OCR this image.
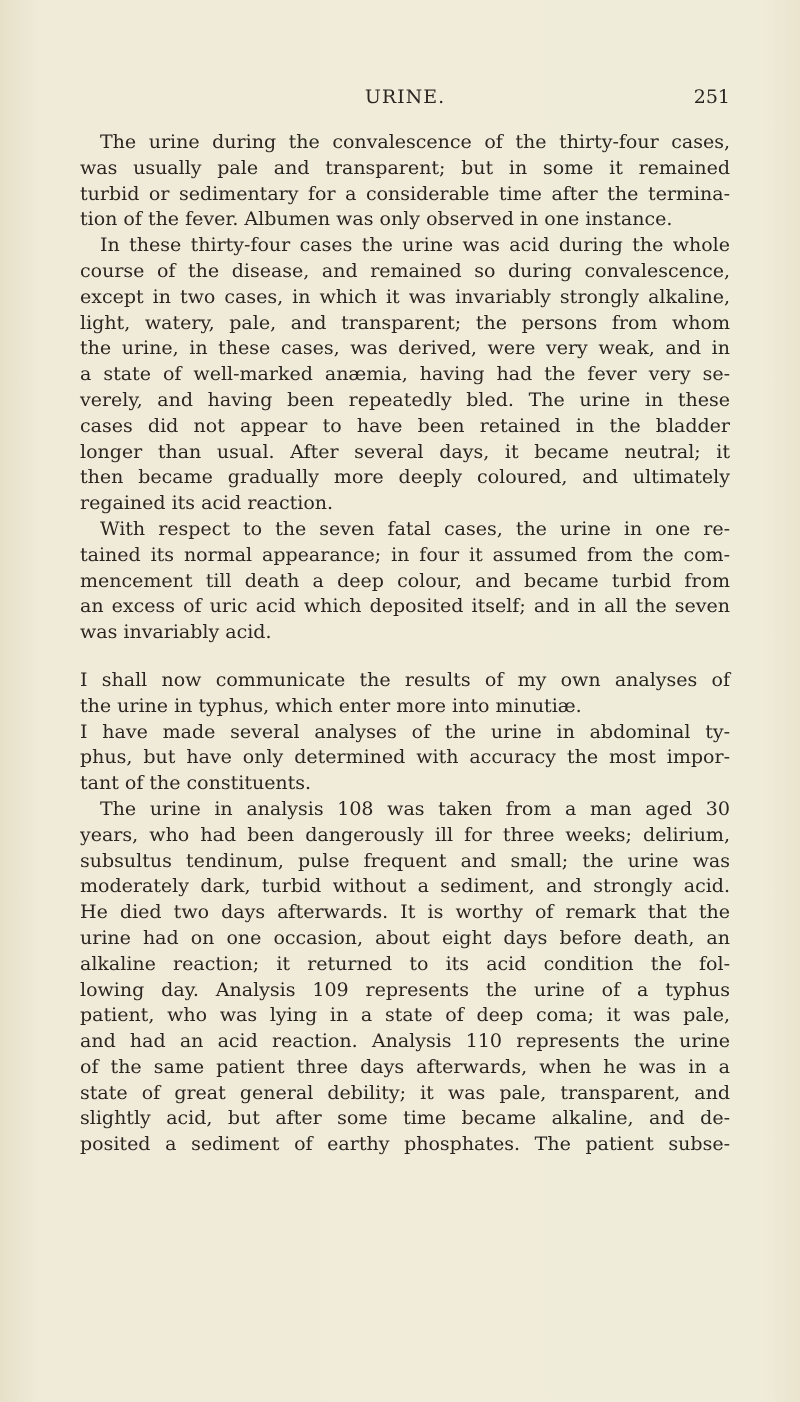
URINE.	251

The urine during the convalescence of the thirty-four cases,
was usually pale and transparent; but in some it remained
turbid or sedimentary for a considerable time after the termina-
tion of the fever. Albumen was only observed in one instance.

In these thirty-four cases the urine was acid during the whole
course of the disease, and remained so during convalescence,
except in two cases, in which it was invariably strongly alkaline,
light, watery, pale, and transparent; the persons from whom
the urine, in these cases, was derived, were very weak, and in
a state of well-marked anæmia, having had the fever very se-
verely, and having been repeatedly bled. The urine in these
cases did not appear to have been retained in the bladder
longer than usual. After several days, it became neutral; it
then became gradually more deeply coloured, and ultimately
regained its acid reaction.

With respect to the seven fatal cases, the urine in one re-
tained its normal appearance; in four it assumed from the com-
mencement till death a deep colour, and became turbid from
an excess of uric acid which deposited itself; and in all the seven
was invariably acid.

I shall now communicate the results of my own analyses of
the urine in typhus, which enter more into minutiæ.

I have made several analyses of the urine in abdominal ty-
phus, but have only determined with accuracy the most impor-
tant of the constituents.

The urine in analysis 108 was taken from a man aged 30
years, who had been dangerously ill for three weeks; delirium,
subsultus tendinum, pulse frequent and small; the urine was
moderately dark, turbid without a sediment, and strongly acid.
He died two days afterwards. It is worthy of remark that the
urine had on one occasion, about eight days before death, an
alkaline reaction; it returned to its acid condition the fol-
lowing day. Analysis 109 represents the urine of a typhus
patient, who was lying in a state of deep coma; it was pale,
and had an acid reaction. Analysis 110 represents the urine
of the same patient three days afterwards, when he was in a
state of great general debility; it was pale, transparent, and
slightly acid, but after some time became alkaline, and de-
posited a sediment of earthy phosphates. The patient subse-
